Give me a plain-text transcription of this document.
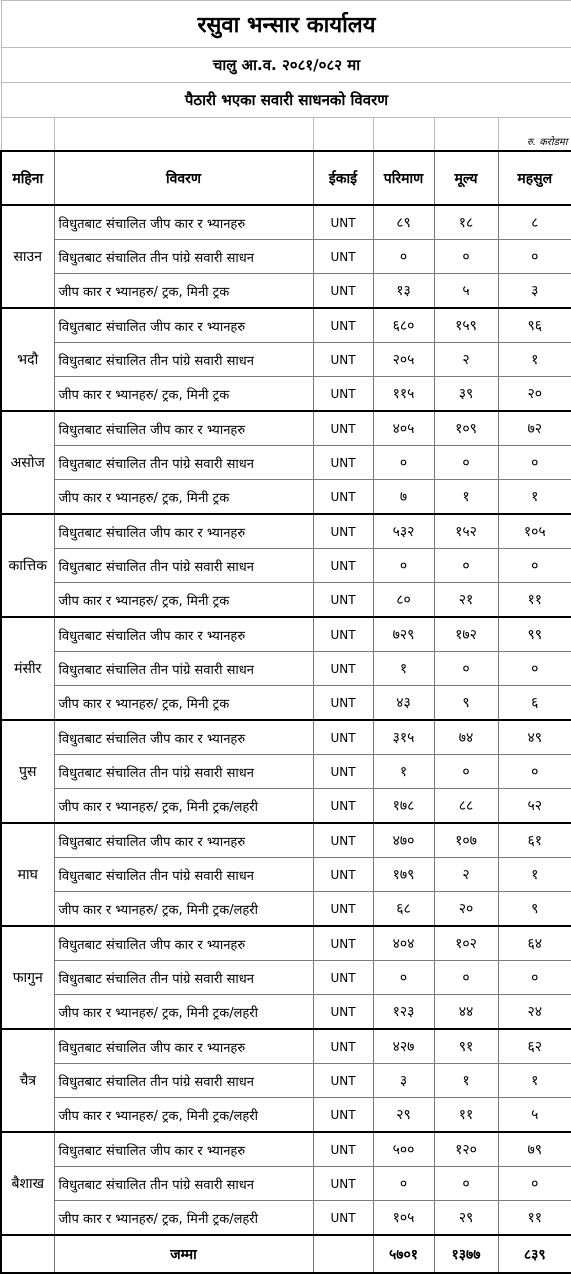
रसुवा भन्सार कार्यालय					
चालु आ.व. २०८१/०८२ मा					
पैठारी भएका सवारी साधनको विवरण					
					रु. करोडमा
महिना	विवरण	ईकाई	परिमाण	मूल्य	महसुल
साउन	विधुतबाट संचालित जीप कार र भ्यानहरु	UNT	८९	१८	८
	विधुतबाट संचालित तीन पांग्रे सवारी साधन	UNT	०	०	०
	जीप कार र भ्यानहरु/ ट्रक, मिनी ट्रक	UNT	१३	५	३
भदौ	विधुतबाट संचालित जीप कार र भ्यानहरु	UNT	६८०	१५९	९६
	विधुतबाट संचालित तीन पांग्रे सवारी साधन	UNT	२०५	२	१
	जीप कार र भ्यानहरु/ ट्रक, मिनी ट्रक	UNT	११५	३९	२०
असोज	विधुतबाट संचालित जीप कार र भ्यानहरु	UNT	४०५	१०९	७२
	विधुतबाट संचालित तीन पांग्रे सवारी साधन	UNT	०	०	०
	जीप कार र भ्यानहरु/ ट्रक, मिनी ट्रक	UNT	७	१	१
कात्तिक	विधुतबाट संचालित जीप कार र भ्यानहरु	UNT	५३२	१५२	१०५
	विधुतबाट संचालित तीन पांग्रे सवारी साधन	UNT	०	०	०
	जीप कार र भ्यानहरु/ ट्रक, मिनी ट्रक	UNT	८०	२१	११
मंसीर	विधुतबाट संचालित जीप कार र भ्यानहरु	UNT	७२९	१७२	९९
	विधुतबाट संचालित तीन पांग्रे सवारी साधन	UNT	१	०	०
	जीप कार र भ्यानहरु/ ट्रक, मिनी ट्रक	UNT	४३	९	६
पुस	विधुतबाट संचालित जीप कार र भ्यानहरु	UNT	३१५	७४	४९
	विधुतबाट संचालित तीन पांग्रे सवारी साधन	UNT	१	०	०
	जीप कार र भ्यानहरु/ ट्रक, मिनी ट्रक/लहरी	UNT	१७८	८८	५२
माघ	विधुतबाट संचालित जीप कार र भ्यानहरु	UNT	४७०	१०७	६१
	विधुतबाट संचालित तीन पांग्रे सवारी साधन	UNT	१७९	२	१
	जीप कार र भ्यानहरु/ ट्रक, मिनी ट्रक/लहरी	UNT	६८	२०	९
फागुन	विधुतबाट संचालित जीप कार र भ्यानहरु	UNT	४०४	१०२	६४
	विधुतबाट संचालित तीन पांग्रे सवारी साधन	UNT	०	०	०
	जीप कार र भ्यानहरु/ ट्रक, मिनी ट्रक/लहरी	UNT	१२३	४४	२४
चैत्र	विधुतबाट संचालित जीप कार र भ्यानहरु	UNT	४२७	९१	६२
	विधुतबाट संचालित तीन पांग्रे सवारी साधन	UNT	३	१	१
	जीप कार र भ्यानहरु/ ट्रक, मिनी ट्रक/लहरी	UNT	२९	११	५
बैशाख	विधुतबाट संचालित जीप कार र भ्यानहरु	UNT	५००	१२०	७९
	विधुतबाट संचालित तीन पांग्रे सवारी साधन	UNT	०	०	०
	जीप कार र भ्यानहरु/ ट्रक, मिनी ट्रक/लहरी	UNT	१०५	२९	११
	जम्मा		५७०१	१३७७	८३९
